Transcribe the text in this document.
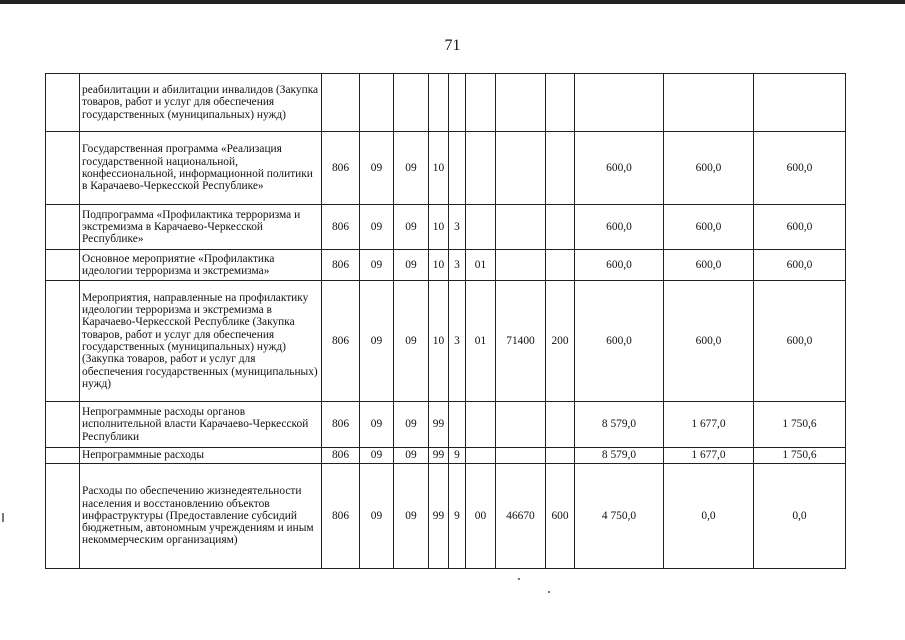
71
	реабилитации и абилитации инвалидов (Закупка товаров, работ и услуг для обеспечения государственных (муниципальных) нужд)											
	Государственная программа «Реализация государственной национальной, конфессиональной, информационной политики в Карачаево-Черкесской Республике»	806	09	09	10					600,0	600,0	600,0
	Подпрограмма «Профилактика терроризма и экстремизма в Карачаево-Черкесской Республике»	806	09	09	10	3				600,0	600,0	600,0
	Основное мероприятие «Профилактика идеологии терроризма и экстремизма»	806	09	09	10	3	01			600,0	600,0	600,0
	Мероприятия, направленные на профилактику идеологии терроризма и экстремизма в Карачаево-Черкесской Республике (Закупка товаров, работ и услуг для обеспечения государственных (муниципальных) нужд) (Закупка товаров, работ и услуг для обеспечения государственных (муниципальных) нужд)	806	09	09	10	3	01	71400	200	600,0	600,0	600,0
	Непрограммные расходы органов исполнительной власти Карачаево-Черкесской Республики	806	09	09	99					8 579,0	1 677,0	1 750,6
	Непрограммные расходы	806	09	09	99	9				8 579,0	1 677,0	1 750,6
	Расходы по обеспечению жизнедеятельности населения и восстановлению объектов инфраструктуры (Предоставление субсидий бюджетным, автономным учреждениям и иным некоммерческим организациям)	806	09	09	99	9	00	46670	600	4 750,0	0,0	0,0
